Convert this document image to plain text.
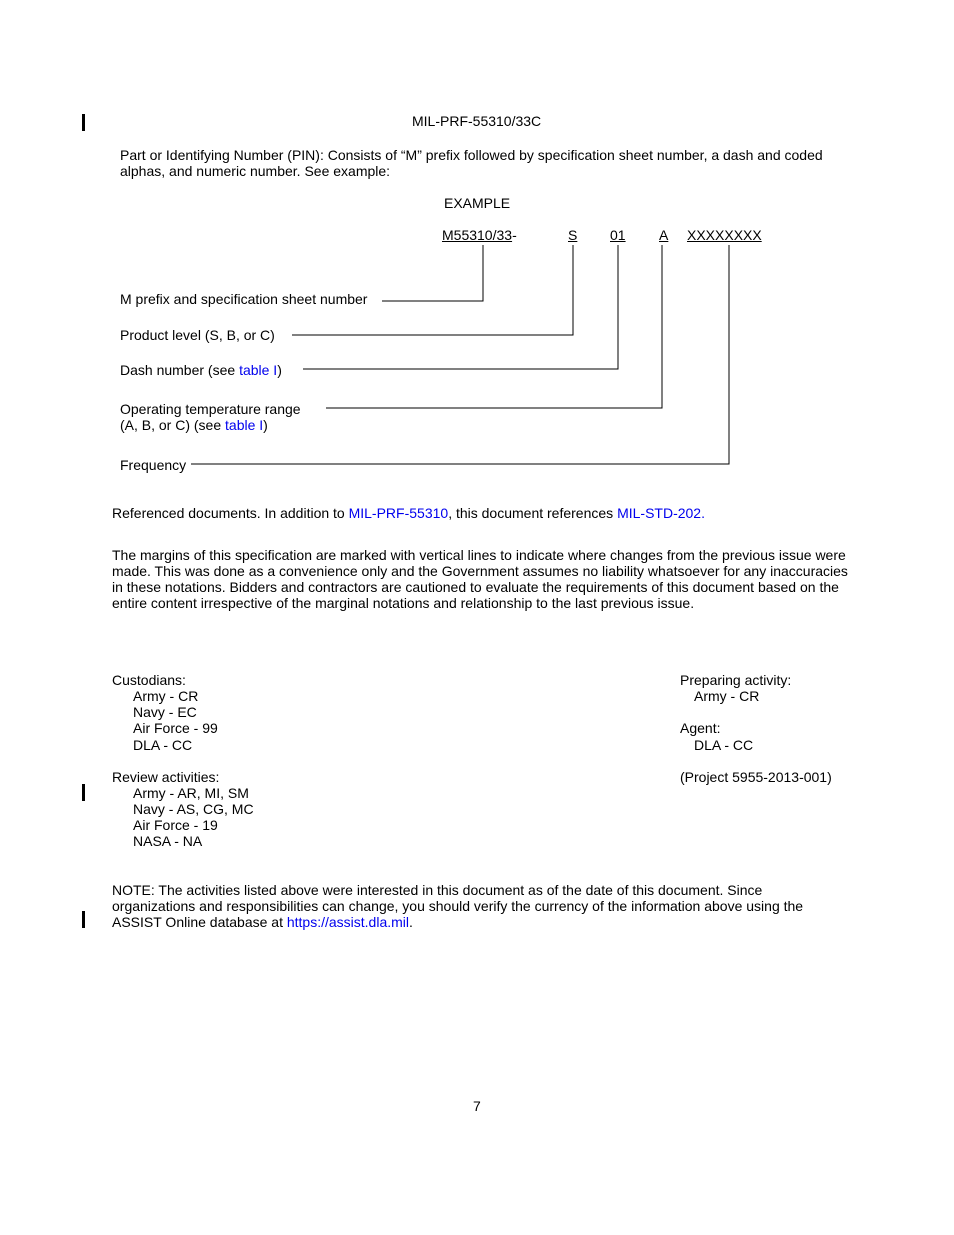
MIL-PRF-55310/33C
Part or Identifying Number (PIN): Consists of “M” prefix followed by specification sheet number, a dash and coded alphas, and numeric number. See example:
EXAMPLE
M55310/33-	S 01 A XXXXXXXX
M prefix and specification sheet number
Product level (S, B, or C)
Dash number (see table I)
Operating temperature range
(A, B, or C) (see table I)
Frequency
Referenced documents. In addition to MIL-PRF-55310, this document references MIL-STD-202.
The margins of this specification are marked with vertical lines to indicate where changes from the previous issue were made. This was done as a convenience only and the Government assumes no liability whatsoever for any inaccuracies in these notations. Bidders and contractors are cautioned to evaluate the requirements of this document based on the entire content irrespective of the marginal notations and relationship to the last previous issue.
Custodians:
Army - CR
Navy - EC
Air Force - 99
DLA - CC
Review activities:
Army - AR, MI, SM
Navy - AS, CG, MC
Air Force - 19
NASA - NA
Preparing activity:
Army - CR
Agent:
DLA - CC
(Project 5955-2013-001)
NOTE: The activities listed above were interested in this document as of the date of this document. Since organizations and responsibilities can change, you should verify the currency of the information above using the ASSIST Online database at https://assist.dla.mil.
7
